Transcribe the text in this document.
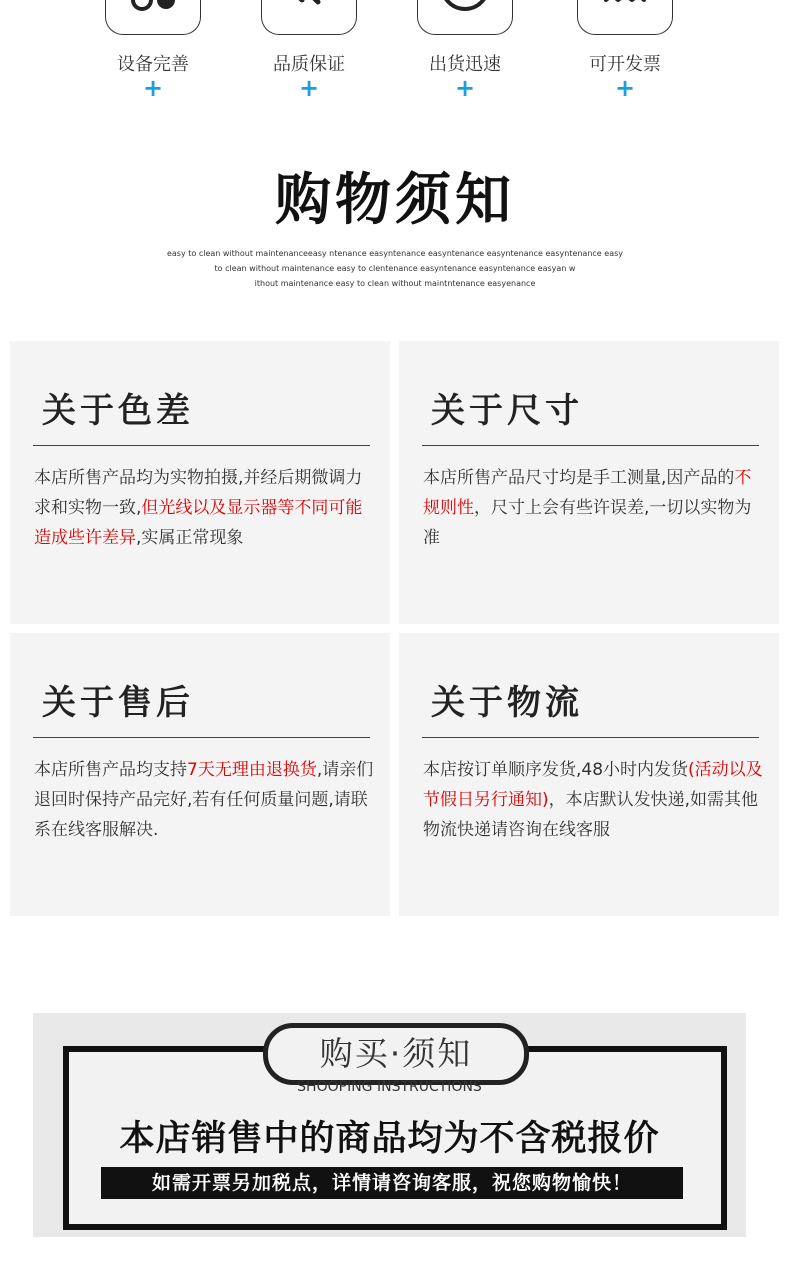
设备完善
+
品质保证
+
出货迅速
+
可开发票
+
购物须知
easy to clean without maintenanceeasy ntenance easyntenance easyntenance easyntenance easyntenance easy
to clean without maintenance easy to clentenance easyntenance easyntenance easyan w
ithout maintenance easy to clean without maintntenance easyenance
关于色差
本店所售产品均为实物拍摄,并经后期微调力求和实物一致,但光线以及显示器等不同可能造成些许差异,实属正常现象
关于尺寸
本店所售产品尺寸均是手工测量,因产品的不规则性，尺寸上会有些许误差,一切以实物为准
关于售后
本店所售产品均支持7天无理由退换货,请亲们退回时保持产品完好,若有任何质量问题,请联系在线客服解决.
关于物流
本店按订单顺序发货,48小时内发货(活动以及节假日另行通知)，本店默认发快递,如需其他物流快递请咨询在线客服
购买·须知
SHOOPING INSTRUCTIONS
本店销售中的商品均为不含税报价
如需开票另加税点，详情请咨询客服，祝您购物愉快！
